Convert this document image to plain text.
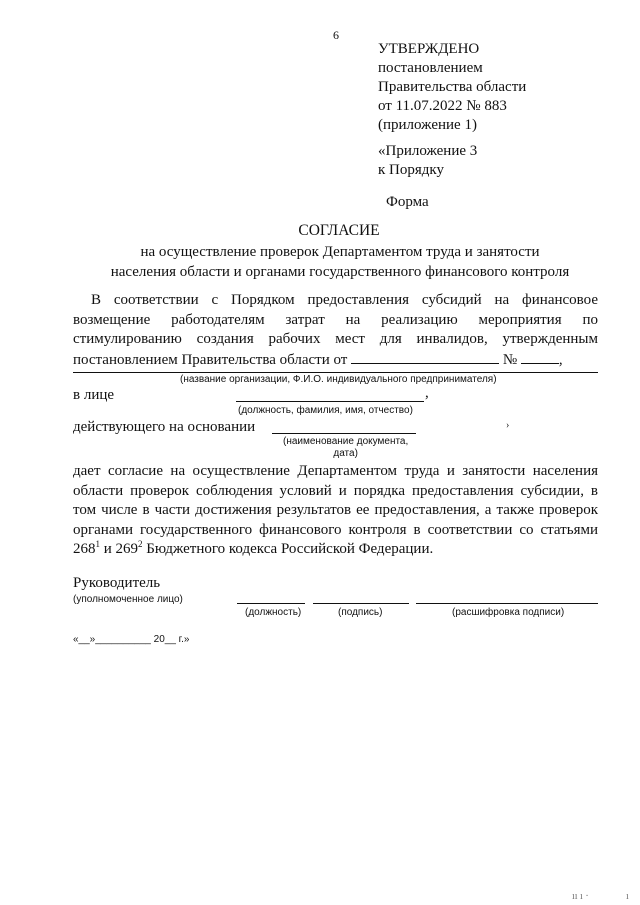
6
УТВЕРЖДЕНО
постановлением
Правительства области
от 11.07.2022 № 883
(приложение 1)
«Приложение 3
к Порядку
Форма
СОГЛАСИЕ
на осуществление проверок Департаментом труда и занятости
населения области и органами государственного финансового контроля
В соответствии с Порядком предоставления субсидий на финансовое возмещение работодателям затрат на реализацию мероприятия по стимулированию создания рабочих мест для инвалидов, утвержденным постановлением Правительства области от	№	,
(название организации, Ф.И.О. индивидуального предпринимателя)
в лице	,
(должность, фамилия, имя, отчество)
действующего на основании
(наименование документа,
дата)
›
дает согласие на осуществление Департаментом труда и занятости населения области проверок соблюдения условий и порядка предоставления субсидии, в том числе в части достижения результатов ее предоставления, а также проверок органами государственного финансового контроля в соответствии со статьями $268^1$ и $269^2$ Бюджетного кодекса Российской Федерации.
Руководитель
(уполномоченное лицо)
(должность)	(подпись)	(расшифровка подписи)
«__»__________ 20__ г.»
ıı ı ·	ı
